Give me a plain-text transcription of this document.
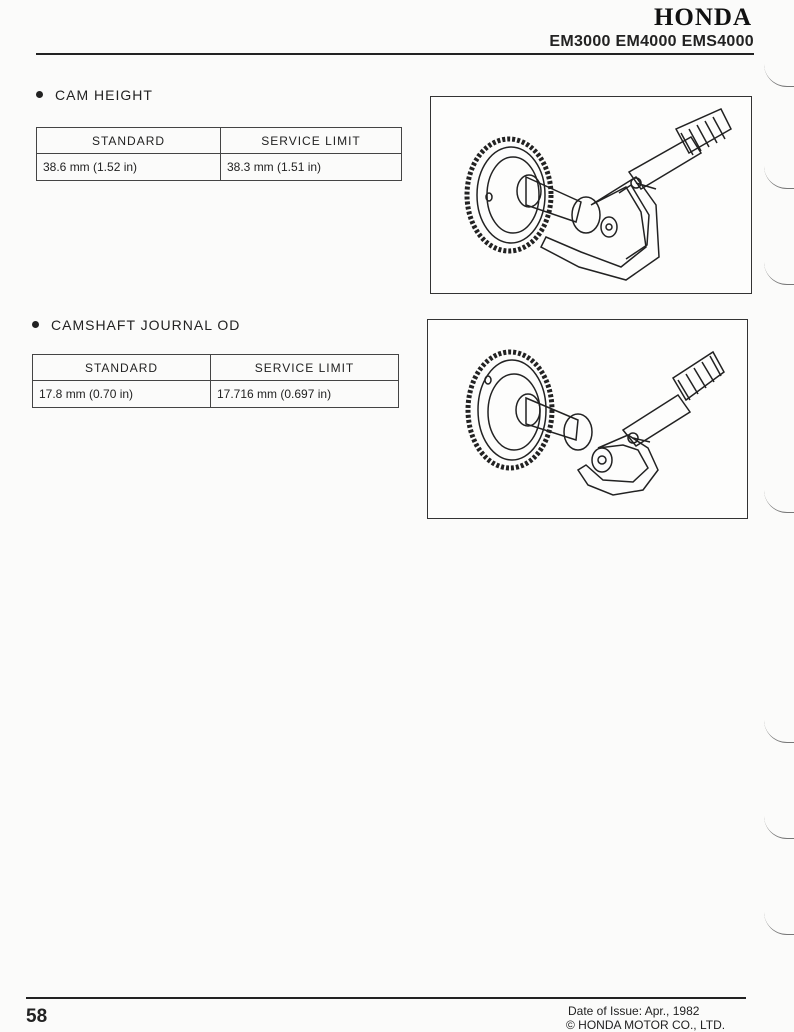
HONDA
EM3000 EM4000 EMS4000
CAM HEIGHT
STANDARD	SERVICE LIMIT
38.6 mm (1.52 in)	38.3 mm (1.51 in)
CAMSHAFT JOURNAL OD
STANDARD	SERVICE LIMIT
17.8 mm (0.70 in)	17.716 mm (0.697 in)
58	Date of Issue: Apr., 1982
© HONDA MOTOR CO., LTD.
